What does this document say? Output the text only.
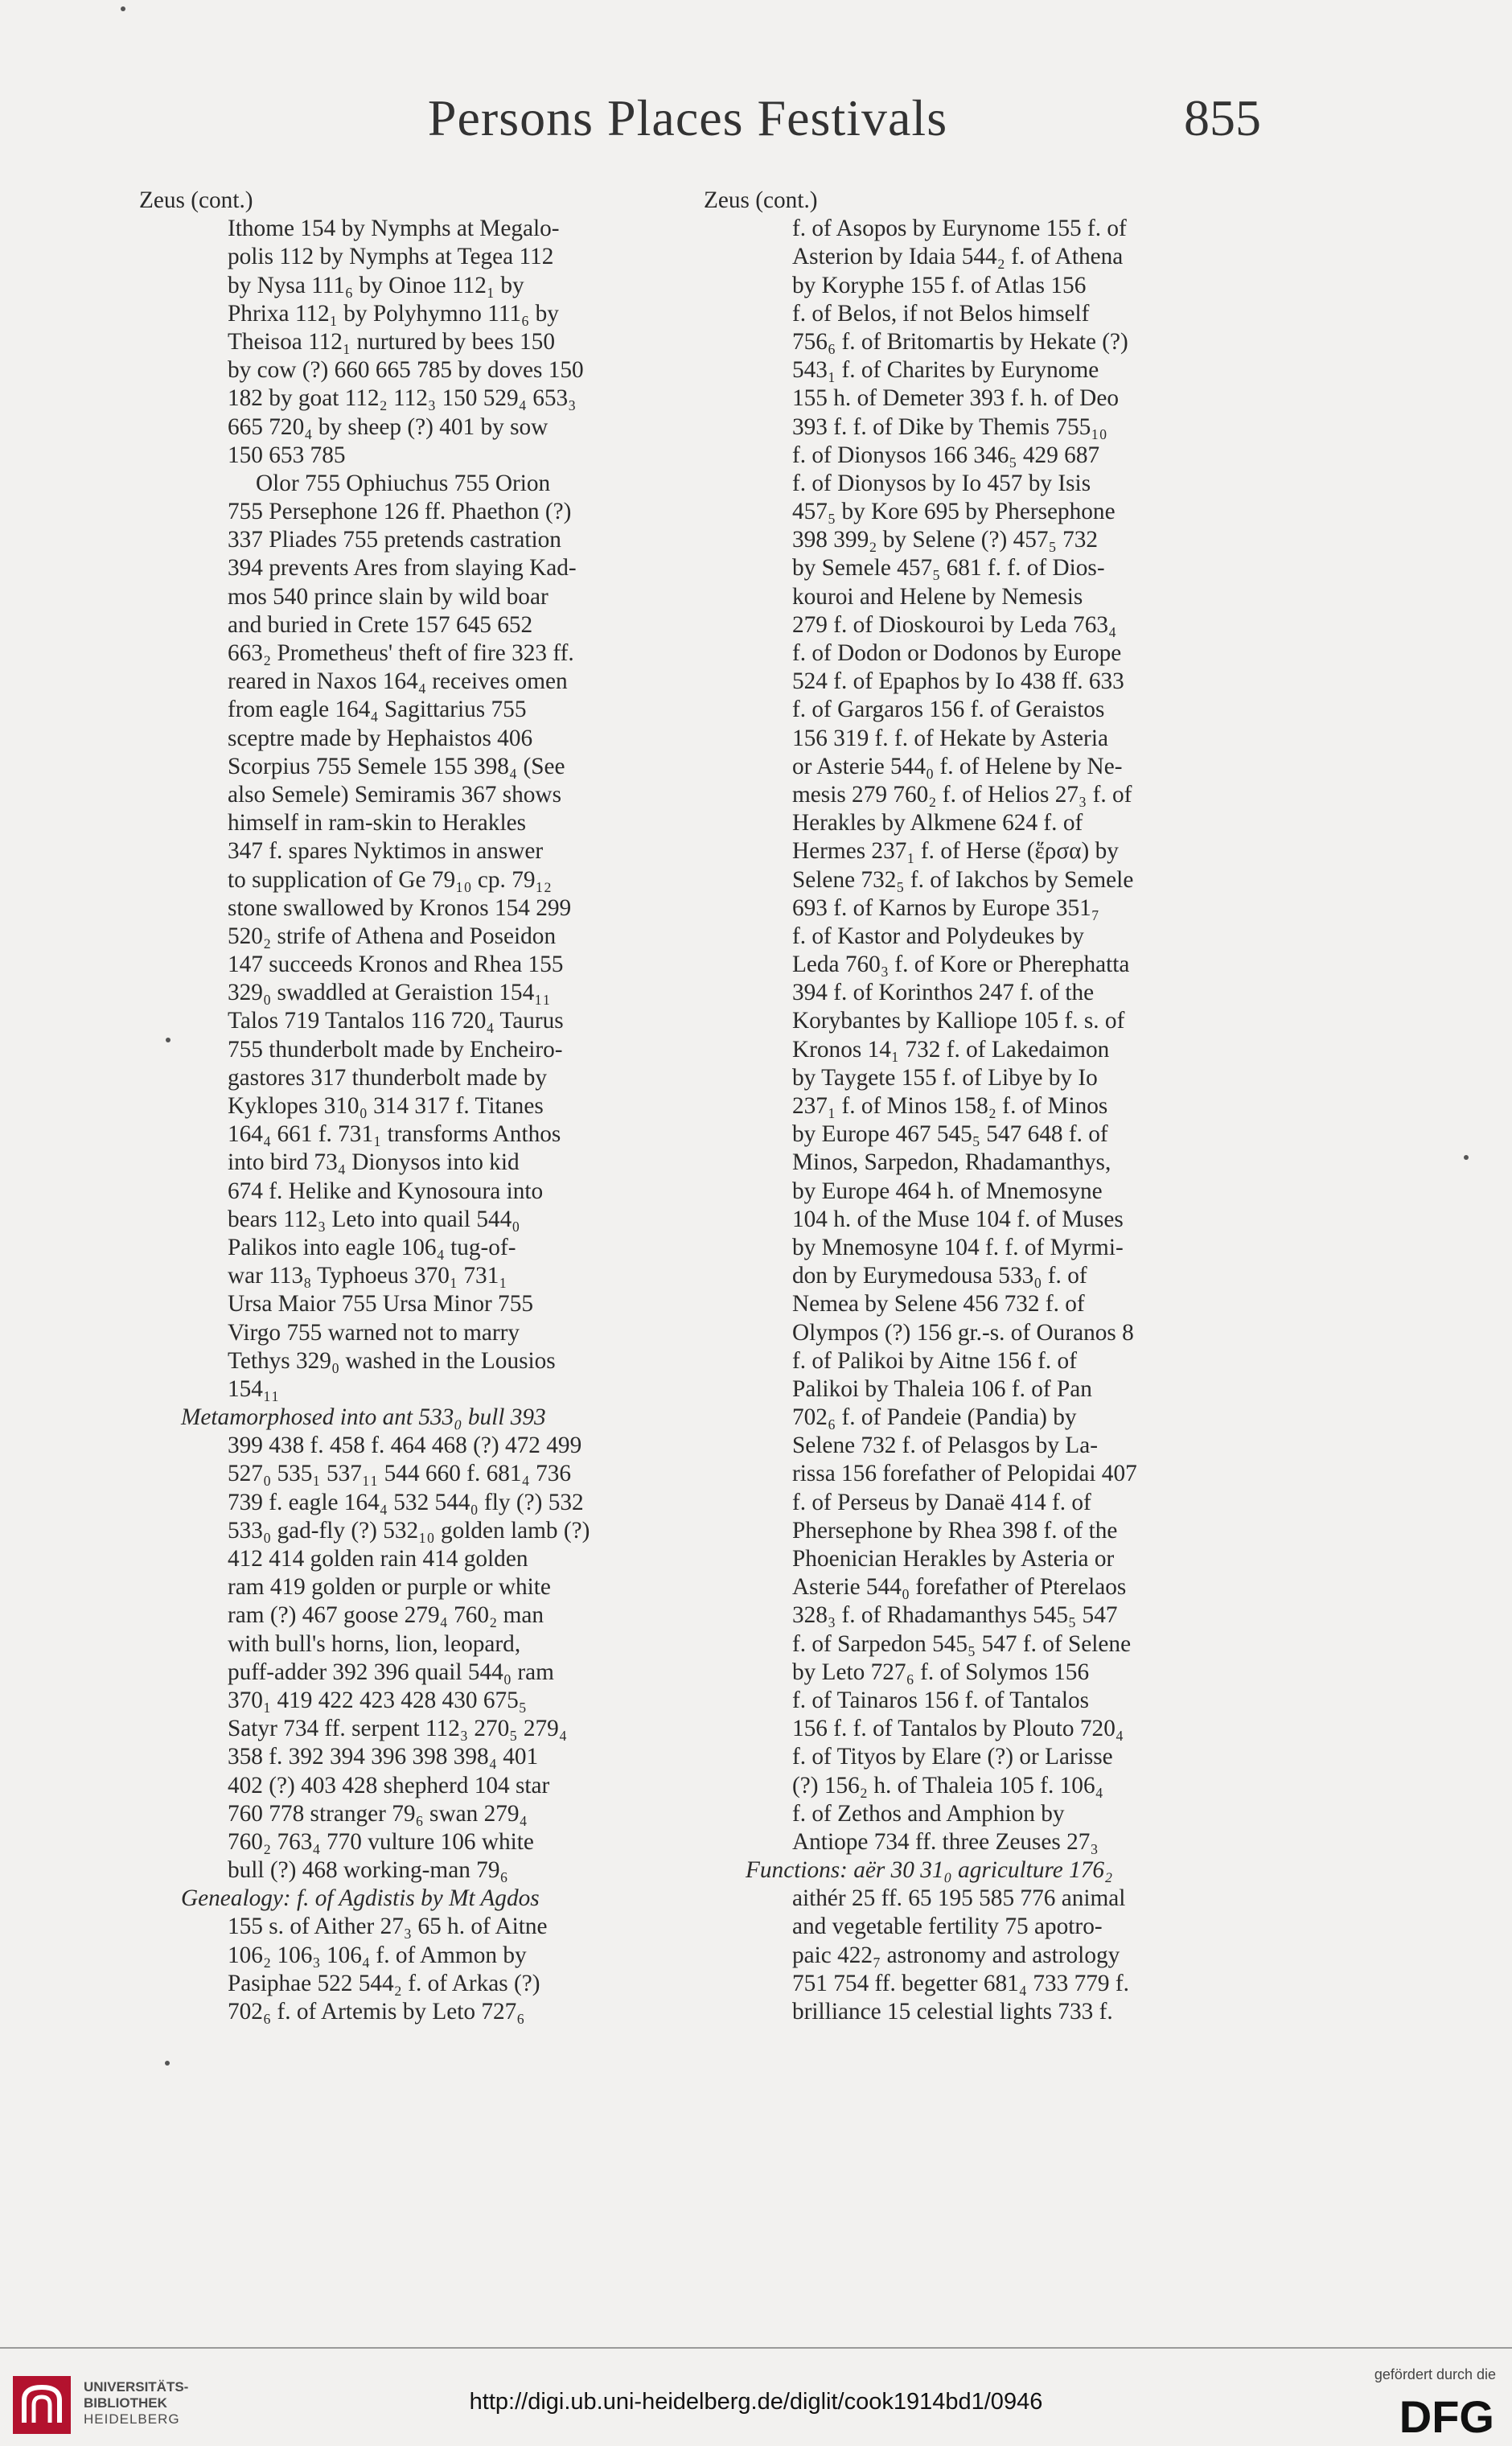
Persons Places Festivals	855
Zeus (cont.)
Ithome 154 by Nymphs at Megalo-
polis 112 by Nymphs at Tegea 112
by Nysa 111₆ by Oinoe 112₁ by
Phrixa 112₁ by Polyhymno 111₆ by
Theisoa 112₁ nurtured by bees 150
by cow (?) 660 665 785 by doves 150
182 by goat 112₂ 112₃ 150 529₄ 653₃
665 720₄ by sheep (?) 401 by sow
150 653 785
Olor 755 Ophiuchus 755 Orion
755 Persephone 126 ff. Phaethon (?)
337 Pliades 755 pretends castration
394 prevents Ares from slaying Kad-
mos 540 prince slain by wild boar
and buried in Crete 157 645 652
663₂ Prometheus' theft of fire 323 ff.
reared in Naxos 164₄ receives omen
from eagle 164₄ Sagittarius 755
sceptre made by Hephaistos 406
Scorpius 755 Semele 155 398₄ (See
also Semele) Semiramis 367 shows
himself in ram-skin to Herakles
347 f. spares Nyktimos in answer
to supplication of Ge 79₁₀ cp. 79₁₂
stone swallowed by Kronos 154 299
520₂ strife of Athena and Poseidon
147 succeeds Kronos and Rhea 155
329₀ swaddled at Geraistion 154₁₁
Talos 719 Tantalos 116 720₄ Taurus
755 thunderbolt made by Encheiro-
gastores 317 thunderbolt made by
Kyklopes 310₀ 314 317 f. Titanes
164₄ 661 f. 731₁ transforms Anthos
into bird 73₄ Dionysos into kid
674 f. Helike and Kynosoura into
bears 112₃ Leto into quail 544₀
Palikos into eagle 106₄ tug-of-
war 113₈ Typhoeus 370₁ 731₁
Ursa Maior 755 Ursa Minor 755
Virgo 755 warned not to marry
Tethys 329₀ washed in the Lousios
154₁₁
Metamorphosed into ant 533₀ bull 393
399 438 f. 458 f. 464 468 (?) 472 499
527₀ 535₁ 537₁₁ 544 660 f. 681₄ 736
739 f. eagle 164₄ 532 544₀ fly (?) 532
533₀ gad-fly (?) 532₁₀ golden lamb (?)
412 414 golden rain 414 golden
ram 419 golden or purple or white
ram (?) 467 goose 279₄ 760₂ man
with bull's horns, lion, leopard,
puff-adder 392 396 quail 544₀ ram
370₁ 419 422 423 428 430 675₅
Satyr 734 ff. serpent 112₃ 270₅ 279₄
358 f. 392 394 396 398 398₄ 401
402 (?) 403 428 shepherd 104 star
760 778 stranger 79₆ swan 279₄
760₂ 763₄ 770 vulture 106 white
bull (?) 468 working-man 79₆
Genealogy: f. of Agdistis by Mt Agdos
155 s. of Aither 27₃ 65 h. of Aitne
106₂ 106₃ 106₄ f. of Ammon by
Pasiphae 522 544₂ f. of Arkas (?)
702₆ f. of Artemis by Leto 727₆
Zeus (cont.)
f. of Asopos by Eurynome 155 f. of
Asterion by Idaia 544₂ f. of Athena
by Koryphe 155 f. of Atlas 156
f. of Belos, if not Belos himself
756₆ f. of Britomartis by Hekate (?)
543₁ f. of Charites by Eurynome
155 h. of Demeter 393 f. h. of Deo
393 f. f. of Dike by Themis 755₁₀
f. of Dionysos 166 346₅ 429 687
f. of Dionysos by Io 457 by Isis
457₅ by Kore 695 by Phersephone
398 399₂ by Selene (?) 457₅ 732
by Semele 457₅ 681 f. f. of Dios-
kouroi and Helene by Nemesis
279 f. of Dioskouroi by Leda 763₄
f. of Dodon or Dodonos by Europe
524 f. of Epaphos by Io 438 ff. 633
f. of Gargaros 156 f. of Geraistos
156 319 f. f. of Hekate by Asteria
or Asterie 544₀ f. of Helene by Ne-
mesis 279 760₂ f. of Helios 27₃ f. of
Herakles by Alkmene 624 f. of
Hermes 237₁ f. of Herse (ἕρσα) by
Selene 732₅ f. of Iakchos by Semele
693 f. of Karnos by Europe 351₇
f. of Kastor and Polydeukes by
Leda 760₃ f. of Kore or Pherephatta
394 f. of Korinthos 247 f. of the
Korybantes by Kalliope 105 f. s. of
Kronos 14₁ 732 f. of Lakedaimon
by Taygete 155 f. of Libye by Io
237₁ f. of Minos 158₂ f. of Minos
by Europe 467 545₅ 547 648 f. of
Minos, Sarpedon, Rhadamanthys,
by Europe 464 h. of Mnemosyne
104 h. of the Muse 104 f. of Muses
by Mnemosyne 104 f. f. of Myrmi-
don by Eurymedousa 533₀ f. of
Nemea by Selene 456 732 f. of
Olympos (?) 156 gr.-s. of Ouranos 8
f. of Palikoi by Aitne 156 f. of
Palikoi by Thaleia 106 f. of Pan
702₆ f. of Pandeie (Pandia) by
Selene 732 f. of Pelasgos by La-
rissa 156 forefather of Pelopidai 407
f. of Perseus by Danaë 414 f. of
Phersephone by Rhea 398 f. of the
Phoenician Herakles by Asteria or
Asterie 544₀ forefather of Pterelaos
328₃ f. of Rhadamanthys 545₅ 547
f. of Sarpedon 545₅ 547 f. of Selene
by Leto 727₆ f. of Solymos 156
f. of Tainaros 156 f. of Tantalos
156 f. f. of Tantalos by Plouto 720₄
f. of Tityos by Elare (?) or Larisse
(?) 156₂ h. of Thaleia 105 f. 106₄
f. of Zethos and Amphion by
Antiope 734 ff. three Zeuses 27₃
Functions: aër 30 31₀ agriculture 176₂
aithér 25 ff. 65 195 585 776 animal
and vegetable fertility 75 apotro-
paic 422₇ astronomy and astrology
751 754 ff. begetter 681₄ 733 779 f.
brilliance 15 celestial lights 733 f.
UNIVERSITÄTS-
BIBLIOTHEK
HEIDELBERG
http://digi.ub.uni-heidelberg.de/diglit/cook1914bd1/0946
gefördert durch die
DFG
